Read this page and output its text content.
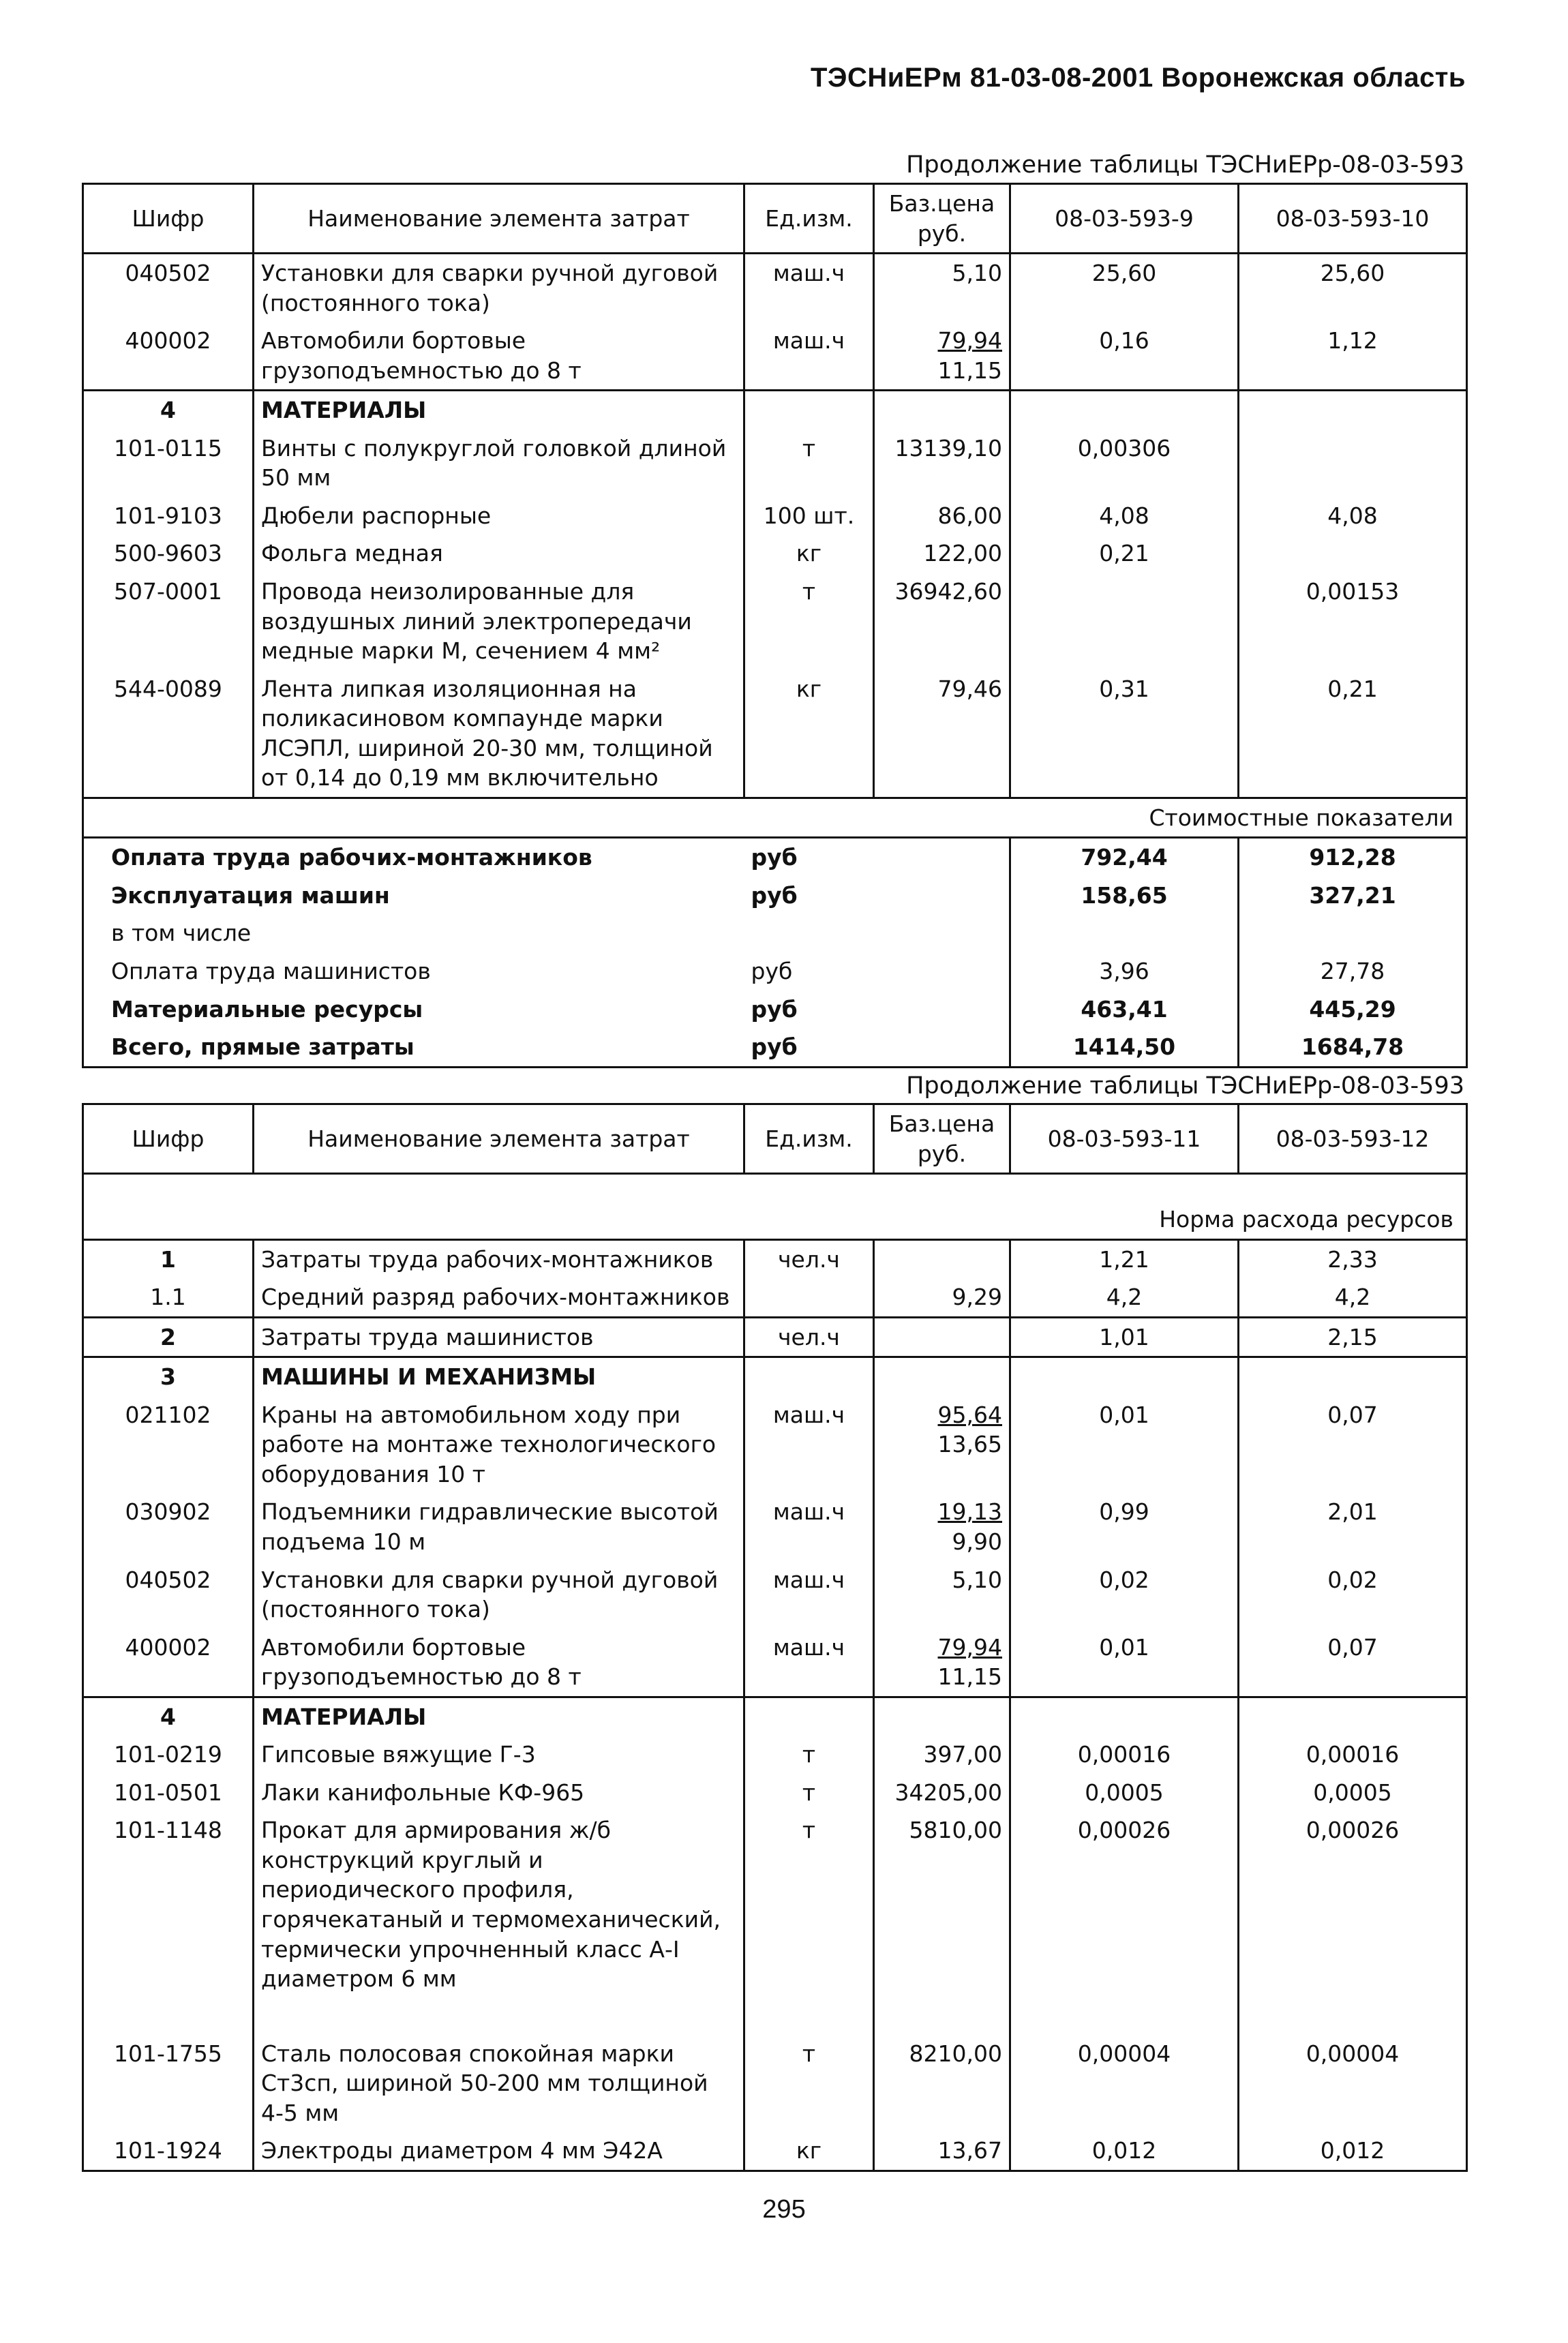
ТЭСНиЕРм 81-03-08-2001 Воронежская область
Продолжение таблицы ТЭСНиЕРр-08-03-593
Шифр	Наименование элемента затрат	Ед.изм.	Баз.цена руб.	08-03-593-9	08-03-593-10
040502	Установки для сварки ручной дуговой (постоянного тока)	маш.ч	5,10	25,60	25,60
400002	Автомобили бортовые грузоподъемностью до 8 т	маш.ч	$\frac{79,94}{11,15}$	0,16	1,12
4	МАТЕРИАЛЫ				
101-0115	Винты с полукруглой головкой длиной 50 мм	т	13139,10	0,00306	
101-9103	Дюбели распорные	100 шт.	86,00	4,08	4,08
500-9603	Фольга медная	кг	122,00	0,21	
507-0001	Провода неизолированные для воздушных линий электропередачи медные марки М, сечением 4 мм²	т	36942,60		0,00153
544-0089	Лента липкая изоляционная на поликасиновом компаунде марки ЛСЭПЛ, шириной 20-30 мм, толщиной от 0,14 до 0,19 мм включительно	кг	79,46	0,31	0,21
Стоимостные показатели					
Оплата труда рабочих-монтажников		руб		792,44	912,28
Эксплуатация машин		руб		158,65	327,21
в том числе					
Оплата труда машинистов		руб		3,96	27,78
Материальные ресурсы		руб		463,41	445,29
Всего, прямые затраты		руб		1414,50	1684,78
Продолжение таблицы ТЭСНиЕРр-08-03-593
Шифр	Наименование элемента затрат	Ед.изм.	Баз.цена руб.	08-03-593-11	08-03-593-12
Норма расхода ресурсов					
1	Затраты труда рабочих-монтажников	чел.ч		1,21	2,33
1.1	Средний разряд рабочих-монтажников		9,29	4,2	4,2
2	Затраты труда машинистов	чел.ч		1,01	2,15
3	МАШИНЫ И МЕХАНИЗМЫ				
021102	Краны на автомобильном ходу при работе на монтаже технологического оборудования 10 т	маш.ч	$\frac{95,64}{13,65}$	0,01	0,07
030902	Подъемники гидравлические высотой подъема 10 м	маш.ч	$\frac{19,13}{9,90}$	0,99	2,01
040502	Установки для сварки ручной дуговой (постоянного тока)	маш.ч	5,10	0,02	0,02
400002	Автомобили бортовые грузоподъемностью до 8 т	маш.ч	$\frac{79,94}{11,15}$	0,01	0,07
4	МАТЕРИАЛЫ				
101-0219	Гипсовые вяжущие Г-3	т	397,00	0,00016	0,00016
101-0501	Лаки канифольные КФ-965	т	34205,00	0,0005	0,0005
101-1148	Прокат для армирования ж/б конструкций круглый и периодического профиля, горячекатаный и термомеханический, термически упрочненный класс А-I диаметром 6 мм	т	5810,00	0,00026	0,00026
101-1755	Сталь полосовая спокойная марки Ст3сп, шириной 50-200 мм толщиной 4-5 мм	т	8210,00	0,00004	0,00004
101-1924	Электроды диаметром 4 мм Э42А	кг	13,67	0,012	0,012
295
